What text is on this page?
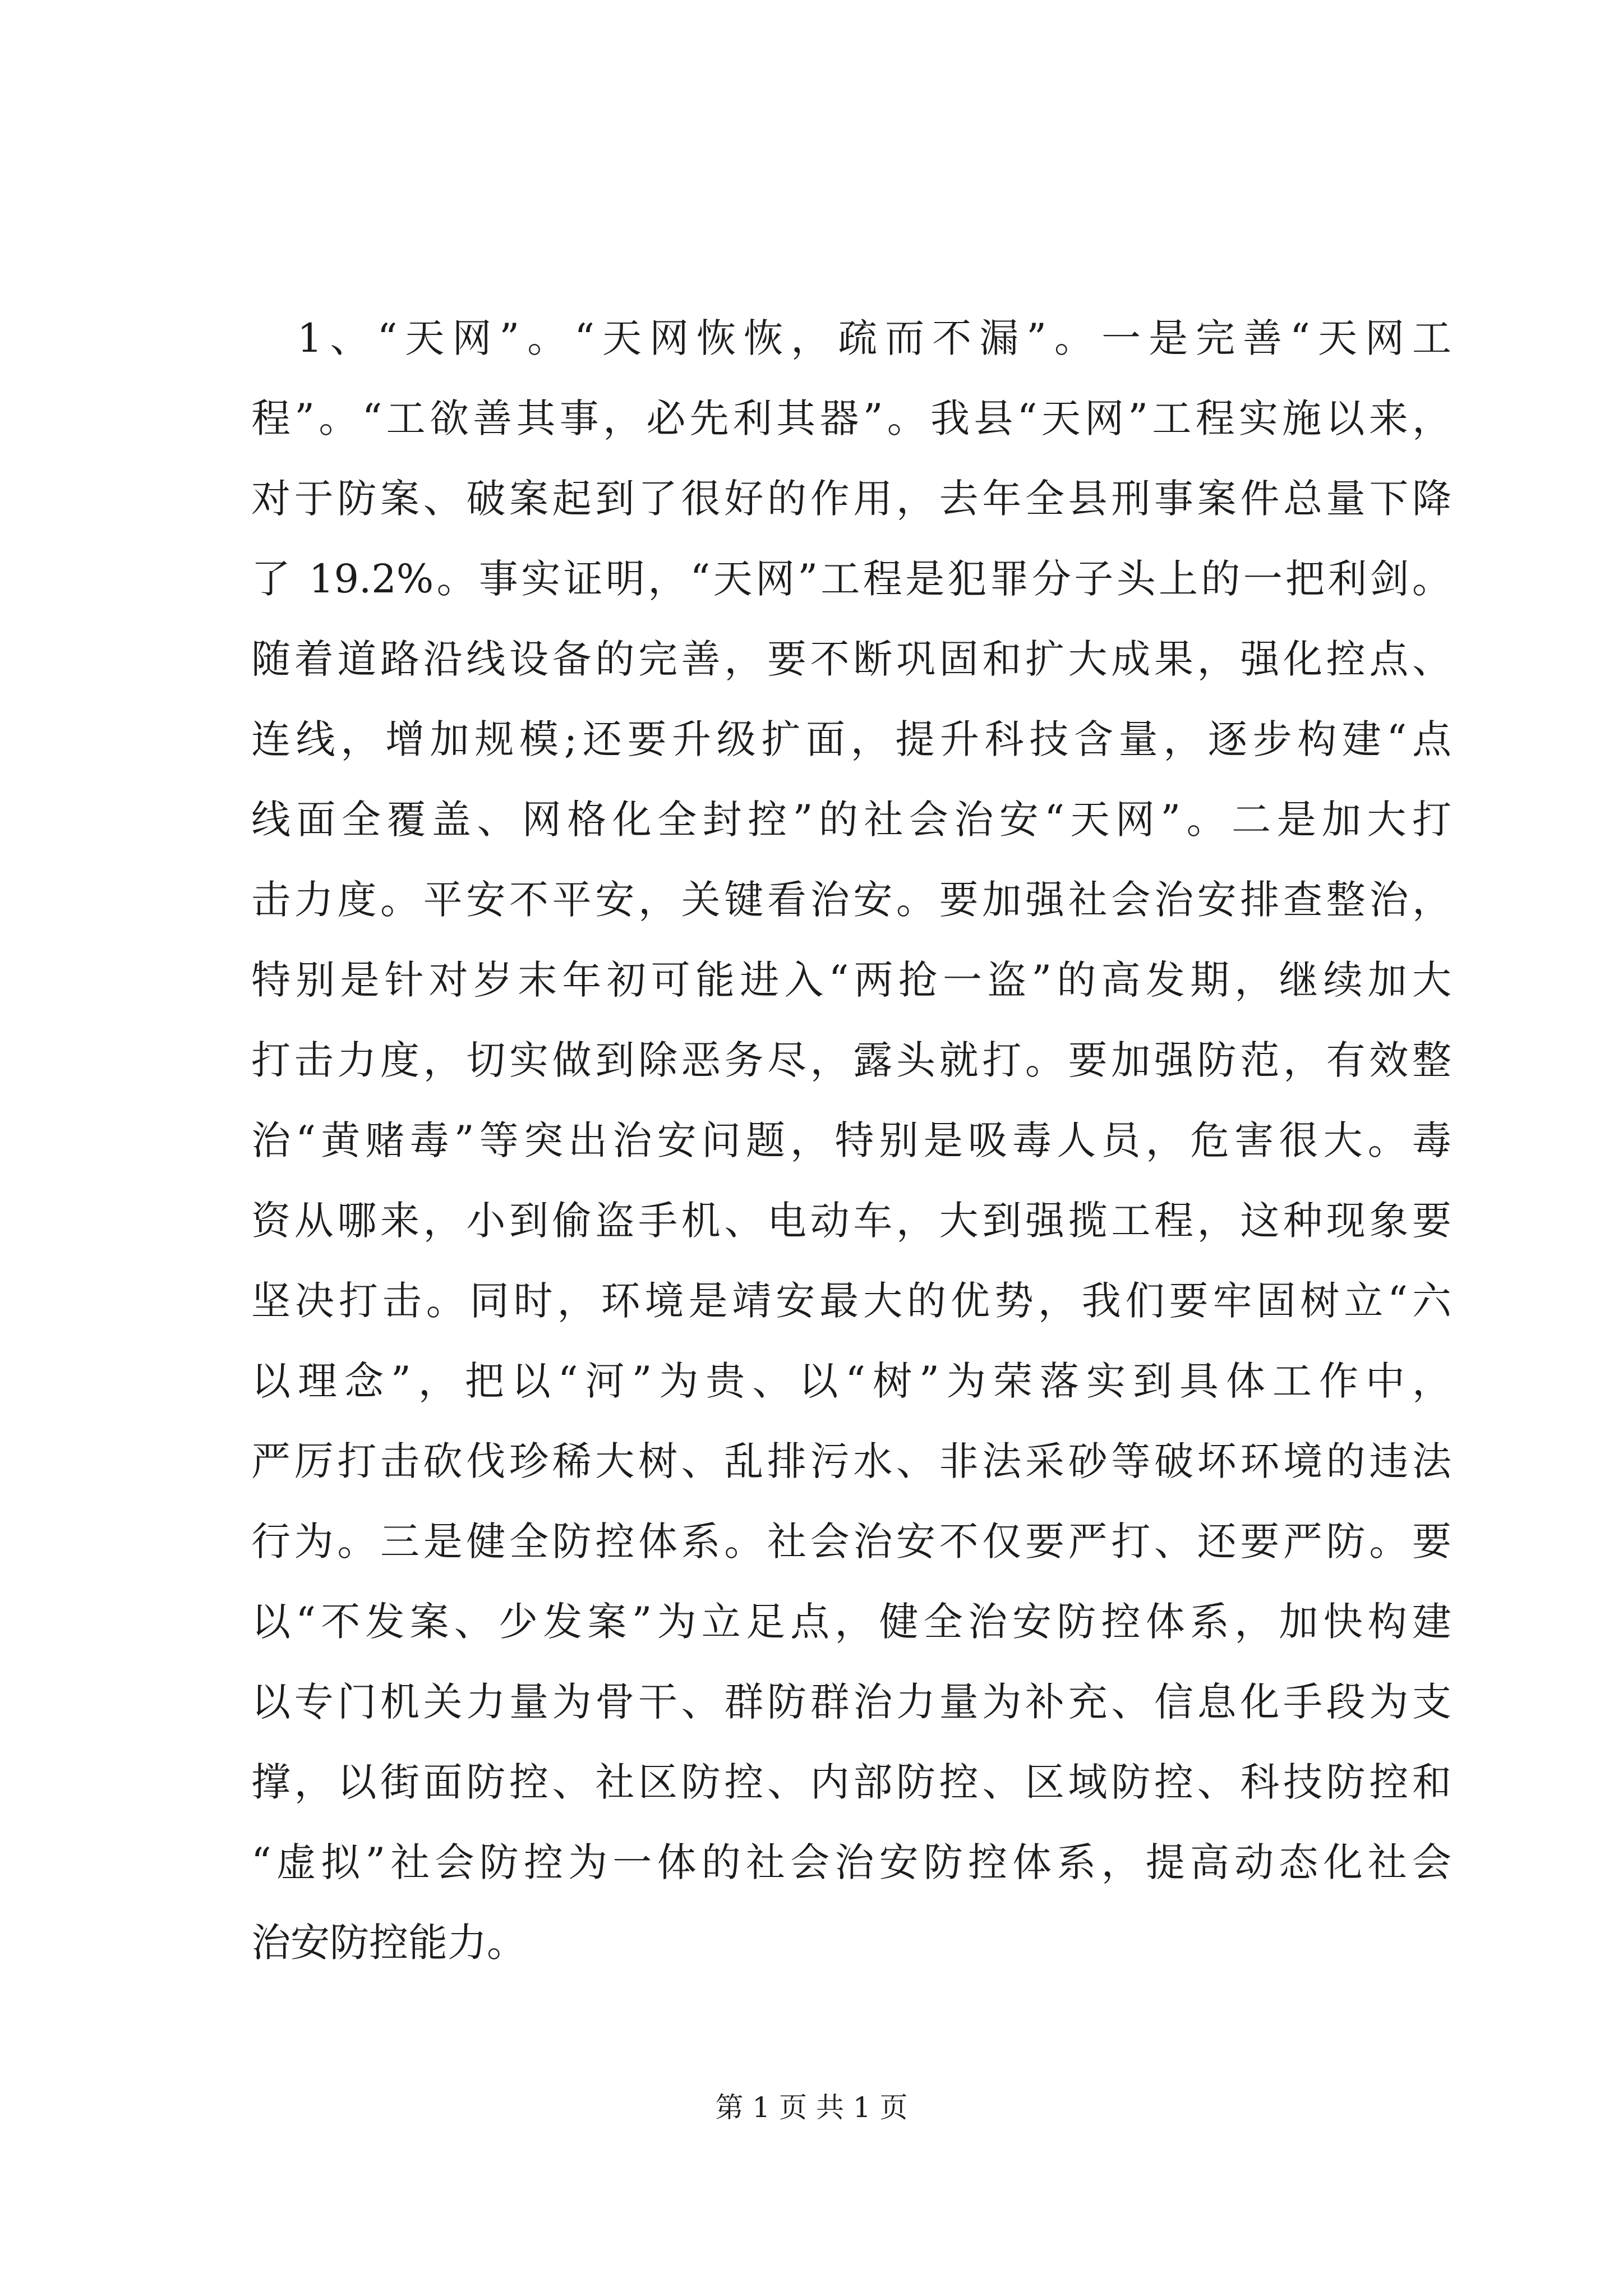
1、“天网”。“天网恢恢，疏而不漏”。一是完善“天网工
程”。“工欲善其事，必先利其器”。我县“天网”工程实施以来，
对于防案、破案起到了很好的作用，去年全县刑事案件总量下降
了 19.2%。事实证明，“天网”工程是犯罪分子头上的一把利剑。
随着道路沿线设备的完善，要不断巩固和扩大成果，强化控点、
连线，增加规模;还要升级扩面，提升科技含量，逐步构建“点
线面全覆盖、网格化全封控”的社会治安“天网”。二是加大打
击力度。平安不平安，关键看治安。要加强社会治安排查整治，
特别是针对岁末年初可能进入“两抢一盗”的高发期，继续加大
打击力度，切实做到除恶务尽，露头就打。要加强防范，有效整
治“黄赌毒”等突出治安问题，特别是吸毒人员，危害很大。毒
资从哪来，小到偷盗手机、电动车，大到强揽工程，这种现象要
坚决打击。同时，环境是靖安最大的优势，我们要牢固树立“六
以理念”，把以“河”为贵、以“树”为荣落实到具体工作中，
严厉打击砍伐珍稀大树、乱排污水、非法采砂等破坏环境的违法
行为。三是健全防控体系。社会治安不仅要严打、还要严防。要
以“不发案、少发案”为立足点，健全治安防控体系，加快构建
以专门机关力量为骨干、群防群治力量为补充、信息化手段为支
撑，以街面防控、社区防控、内部防控、区域防控、科技防控和
“虚拟”社会防控为一体的社会治安防控体系，提高动态化社会
治安防控能力。
第 1 页 共 1 页
